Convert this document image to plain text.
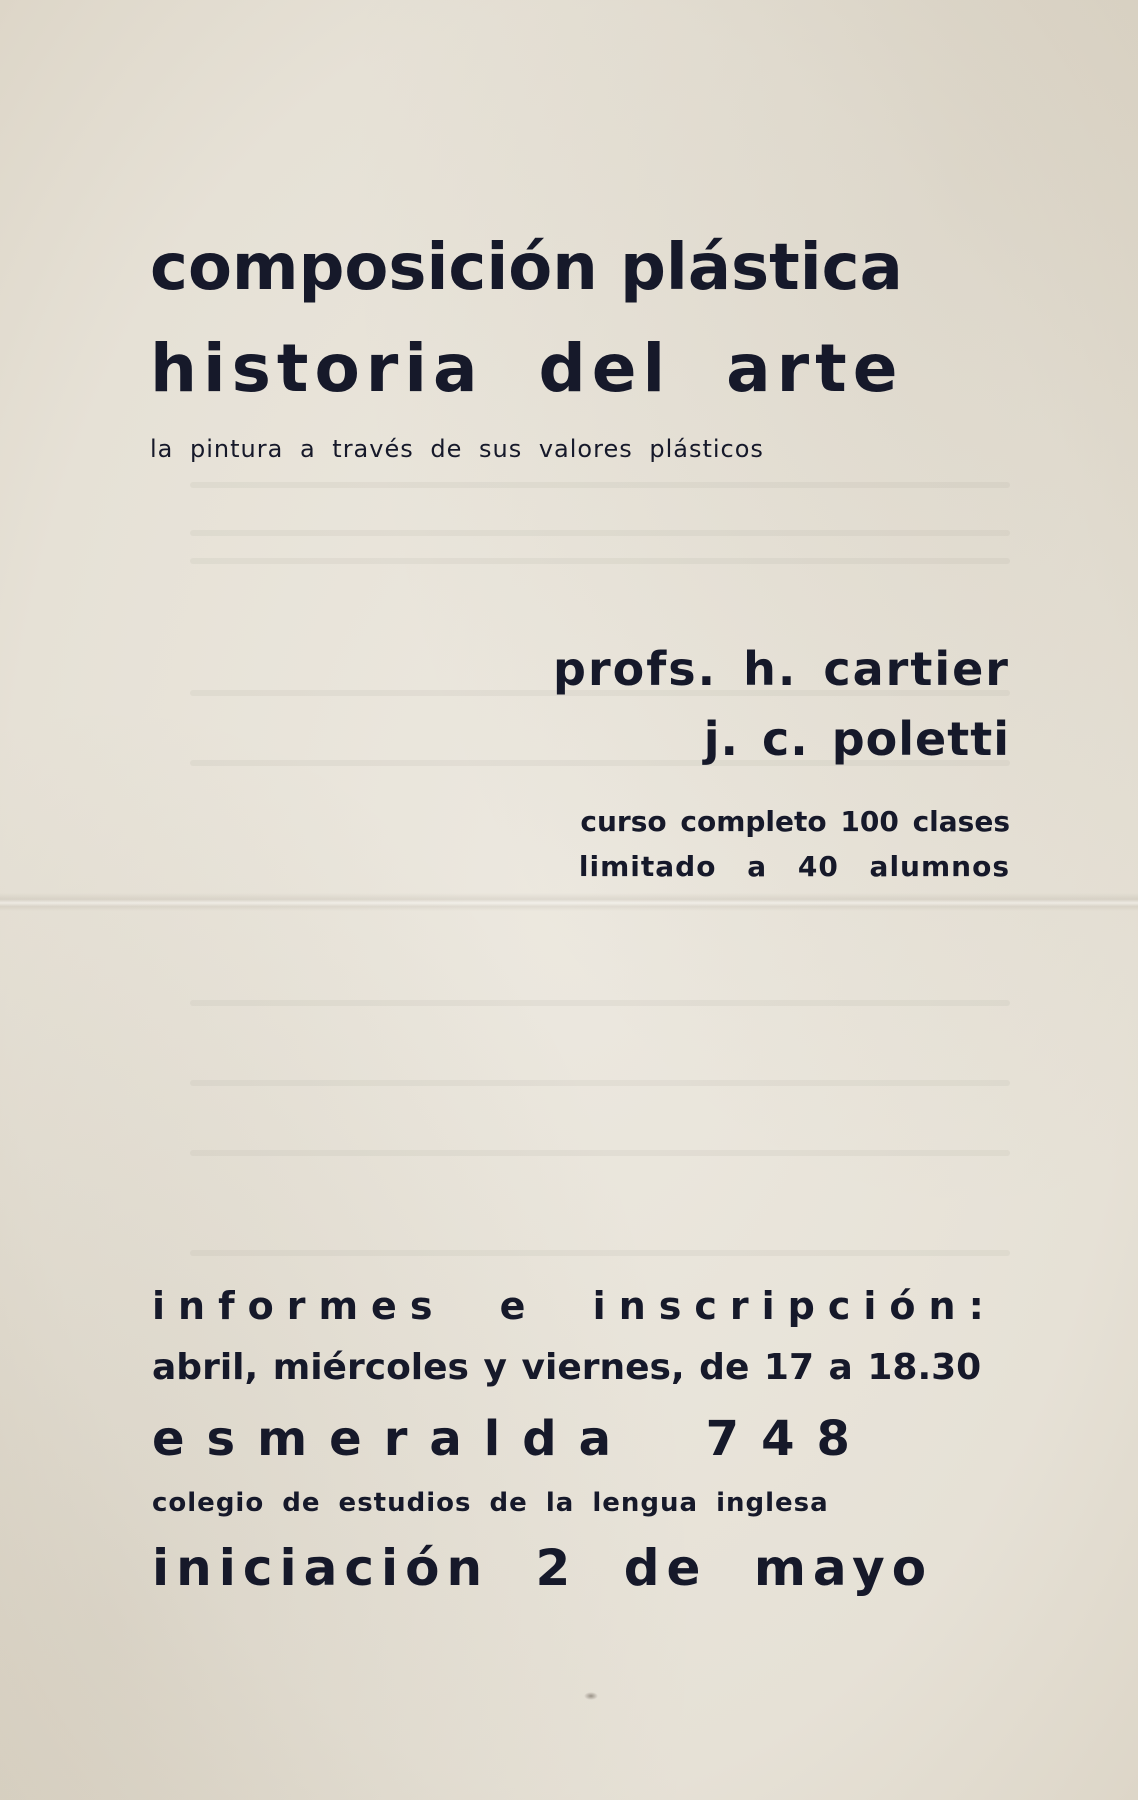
composición plástica
historia del arte

la pintura a través de sus valores plásticos

profs. h. cartier

j. c. poletti

curso completo 100 clases

limitado a 40 alumnos

informes e inscripción:

abril, miércoles y viernes, de 17 a 18.30

esmeralda 748

colegio de estudios de la lengua inglesa

iniciación 2 de mayo
